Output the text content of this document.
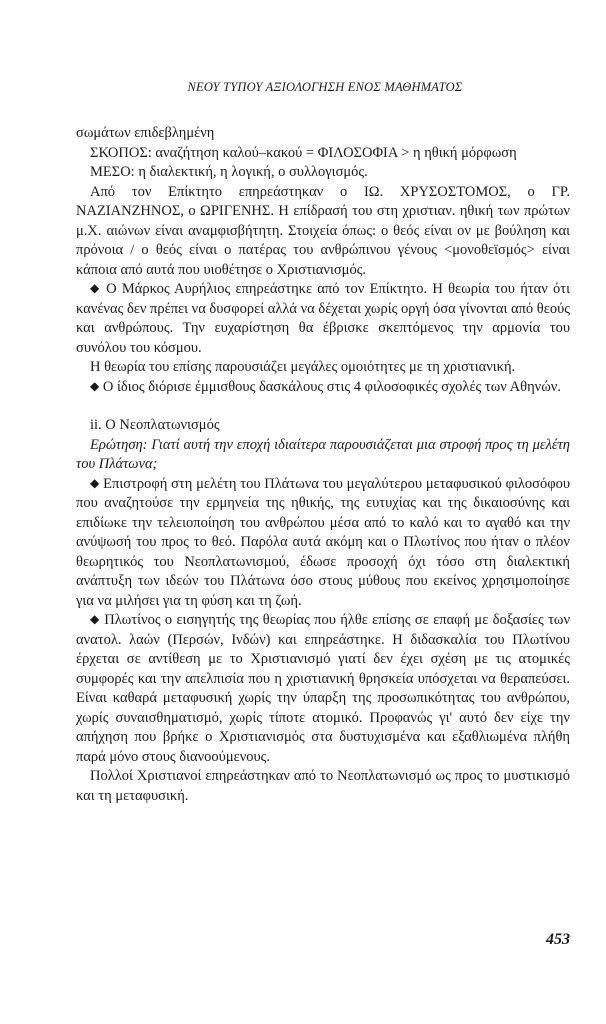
ΝΕΟΥ ΤΥΠΟΥ ΑΞΙΟΛΟΓΗΣΗ ΕΝΟΣ ΜΑΘΗΜΑΤΟΣ

σωμάτων επιδεβλημένη

ΣΚΟΠΟΣ: αναζήτηση καλού–κακού = ΦΙΛΟΣΟΦΙΑ > η ηθική μόρφωση

ΜΕΣΟ: η διαλεκτική, η λογική, ο συλλογισμός.

Από τον Επίκτητο επηρεάστηκαν ο ΙΩ. ΧΡΥΣΟΣΤΟΜΟΣ, ο ΓΡ. ΝΑΖΙΑΝΖΗΝΟΣ, ο ΩΡΙΓΕΝΗΣ. Η επίδρασή του στη χριστιαν. ηθική των πρώτων μ.Χ. αιώνων είναι αναμφισβήτητη. Στοιχεία όπως: ο θεός είναι ον με βούληση και πρόνοια / ο θεός είναι ο πατέρας του ανθρώπινου γένους <μονοθεϊσμός> είναι κάποια από αυτά που υιοθέτησε ο Χριστιανισμός.

◆ Ο Μάρκος Αυρήλιος επηρεάστηκε από τον Επίκτητο. Η θεωρία του ήταν ότι κανένας δεν πρέπει να δυσφορεί αλλά να δέχεται χωρίς οργή όσα γίνονται από θεούς και ανθρώπους. Την ευχαρίστηση θα έβρισκε σκεπτόμενος την αρμονία του συνόλου του κόσμου.

Η θεωρία του επίσης παρουσιάζει μεγάλες ομοιότητες με τη χριστιανική.

◆ Ο ίδιος διόρισε έμμισθους δασκάλους στις 4 φιλοσοφικές σχολές των Αθηνών.

ii. Ο Νεοπλατωνισμός

Ερώτηση: Γιατί αυτή την εποχή ιδιαίτερα παρουσιάζεται μια στροφή προς τη μελέτη του Πλάτωνα;

◆ Επιστροφή στη μελέτη του Πλάτωνα του μεγαλύτερου μεταφυσικού φιλοσόφου που αναζητούσε την ερμηνεία της ηθικής, της ευτυχίας και της δικαιοσύνης και επιδίωκε την τελειοποίηση του ανθρώπου μέσα από το καλό και το αγαθό και την ανύψωσή του προς το θεό. Παρόλα αυτά ακόμη και ο Πλωτίνος που ήταν ο πλέον θεωρητικός του Νεοπλατωνισμού, έδωσε προσοχή όχι τόσο στη διαλεκτική ανάπτυξη των ιδεών του Πλάτωνα όσο στους μύθους που εκείνος χρησιμοποίησε για να μιλήσει για τη φύση και τη ζωή.

◆ Πλωτίνος ο εισηγητής της θεωρίας που ήλθε επίσης σε επαφή με δοξασίες των ανατολ. λαών (Περσών, Ινδών) και επηρεάστηκε. Η διδασκαλία του Πλωτίνου έρχεται σε αντίθεση με το Χριστιανισμό γιατί δεν έχει σχέση με τις ατομικές συμφορές και την απελπισία που η χριστιανική θρησκεία υπόσχεται να θεραπεύσει. Είναι καθαρά μεταφυσική χωρίς την ύπαρξη της προσωπικότητας του ανθρώπου, χωρίς συναισθηματισμό, χωρίς τίποτε ατομικό. Προφανώς γι' αυτό δεν είχε την απήχηση που βρήκε ο Χριστιανισμός στα δυστυχισμένα και εξαθλιωμένα πλήθη παρά μόνο στους διανοούμενους.

Πολλοί Χριστιανοί επηρεάστηκαν από το Νεοπλατωνισμό ως προς το μυστικισμό και τη μεταφυσική.

453
